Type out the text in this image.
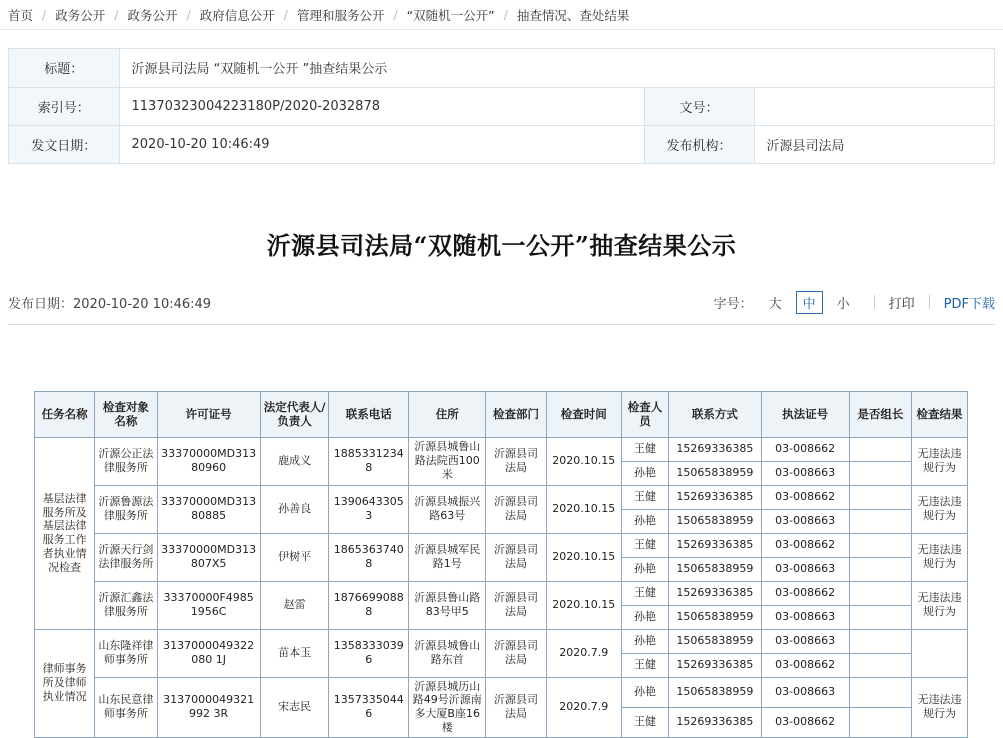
首页 / 政务公开 / 政务公开 / 政府信息公开 / 管理和服务公开 / “双随机一公开” / 抽查情况、查处结果
标题：	沂源县司法局 “双随机一公开 ”抽查结果公示		
索引号：	11370323004223180P/2020-2032878	文号：	
发文日期：	2020-10-20 10:46:49	发布机构：	沂源县司法局
沂源县司法局“双随机一公开”抽查结果公示
发布日期：2020-10-20 10:46:49	字号：	大	中	小	打印 PDF下载
任务名称	检查对象名称	许可证号	法定代表人/负责人	联系电话	住所	检查部门	检查时间	检查人员	联系方式	执法证号	是否组长	检查结果
基层法律服务所及基层法律服务工作者执业情况检查	沂源公正法律服务所	33370000MD31380960	鹿成义	18853312348	沂源县城鲁山路法院西100米	沂源县司法局	2020.10.15	王健	15269336385	03-008662		无违法违规行为
								孙艳	15065838959	03-008663		
	沂源鲁源法律服务所	33370000MD31380885	孙善良	13906433053	沂源县城振兴路63号	沂源县司法局	2020.10.15	王健	15269336385	03-008662		无违法违规行为
								孙艳	15065838959	03-008663		
	沂源天行剑法律服务所	33370000MD313807X5	伊树平	18653637408	沂源县城军民路1号	沂源县司法局	2020.10.15	王健	15269336385	03-008662		无违法违规行为
								孙艳	15065838959	03-008663		
	沂源汇鑫法律服务所	33370000F49851956C	赵雷	18766990888	沂源县鲁山路83号甲5	沂源县司法局	2020.10.15	王健	15269336385	03-008662		无违法违规行为
								孙艳	15065838959	03-008663		
律师事务所及律师执业情况	山东隆祥律师事务所	3137000049322080 1J	苗本玉	13583330396	沂源县城鲁山路东首	沂源县司法局	2020.7.9	孙艳	15065838959	03-008663		
								王健	15269336385	03-008662		
	山东民意律师事务所	3137000049321992 3R	宋志民	13573350446	沂源县城历山路49号沂源南多大厦B座16楼	沂源县司法局	2020.7.9	孙艳	15065838959	03-008663		无违法违规行为
								王健	15269336385	03-008662		
